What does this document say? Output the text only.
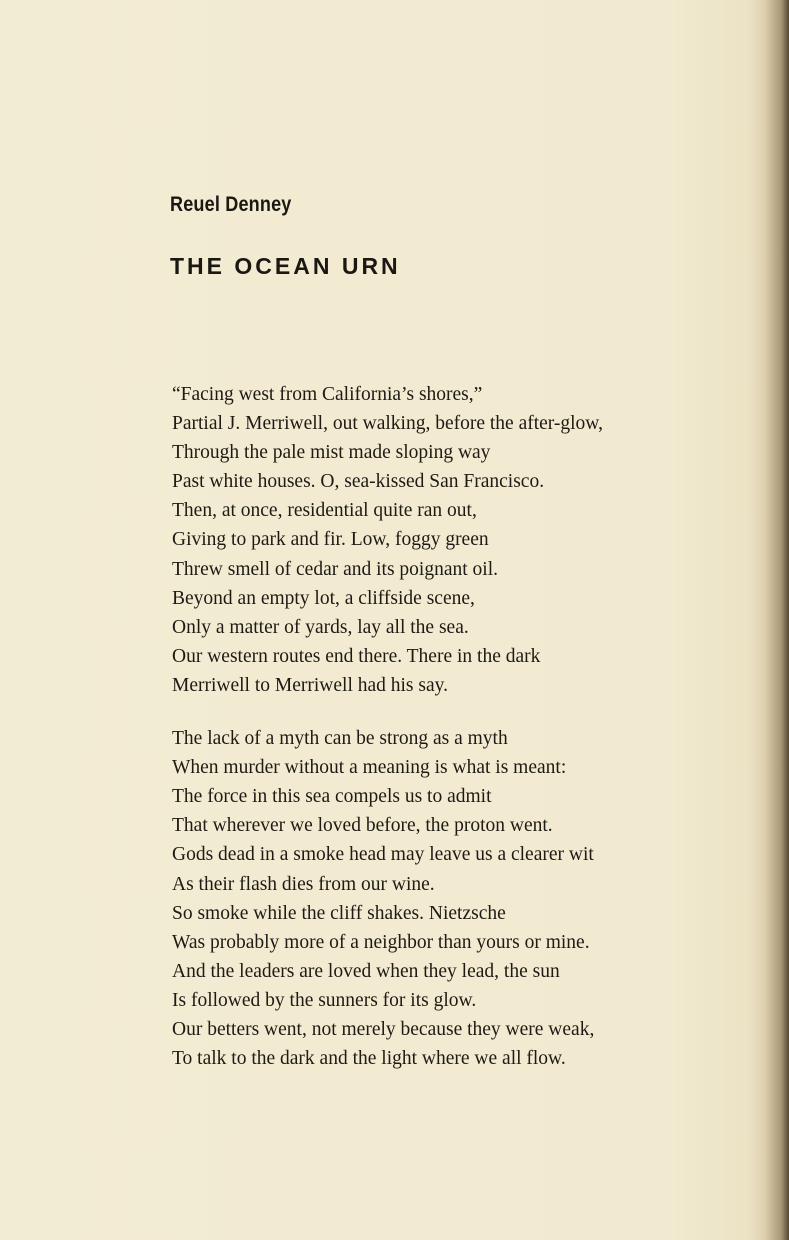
Reuel Denney
THE OCEAN URN
“Facing west from California’s shores,”
Partial J. Merriwell, out walking, before the after-glow,
Through the pale mist made sloping way
Past white houses. O, sea-kissed San Francisco.
Then, at once, residential quite ran out,
Giving to park and fir. Low, foggy green
Threw smell of cedar and its poignant oil.
Beyond an empty lot, a cliffside scene,
Only a matter of yards, lay all the sea.
Our western routes end there. There in the dark
Merriwell to Merriwell had his say.
The lack of a myth can be strong as a myth
When murder without a meaning is what is meant:
The force in this sea compels us to admit
That wherever we loved before, the proton went.
Gods dead in a smoke head may leave us a clearer wit
As their flash dies from our wine.
So smoke while the cliff shakes. Nietzsche
Was probably more of a neighbor than yours or mine.
And the leaders are loved when they lead, the sun
Is followed by the sunners for its glow.
Our betters went, not merely because they were weak,
To talk to the dark and the light where we all flow.
